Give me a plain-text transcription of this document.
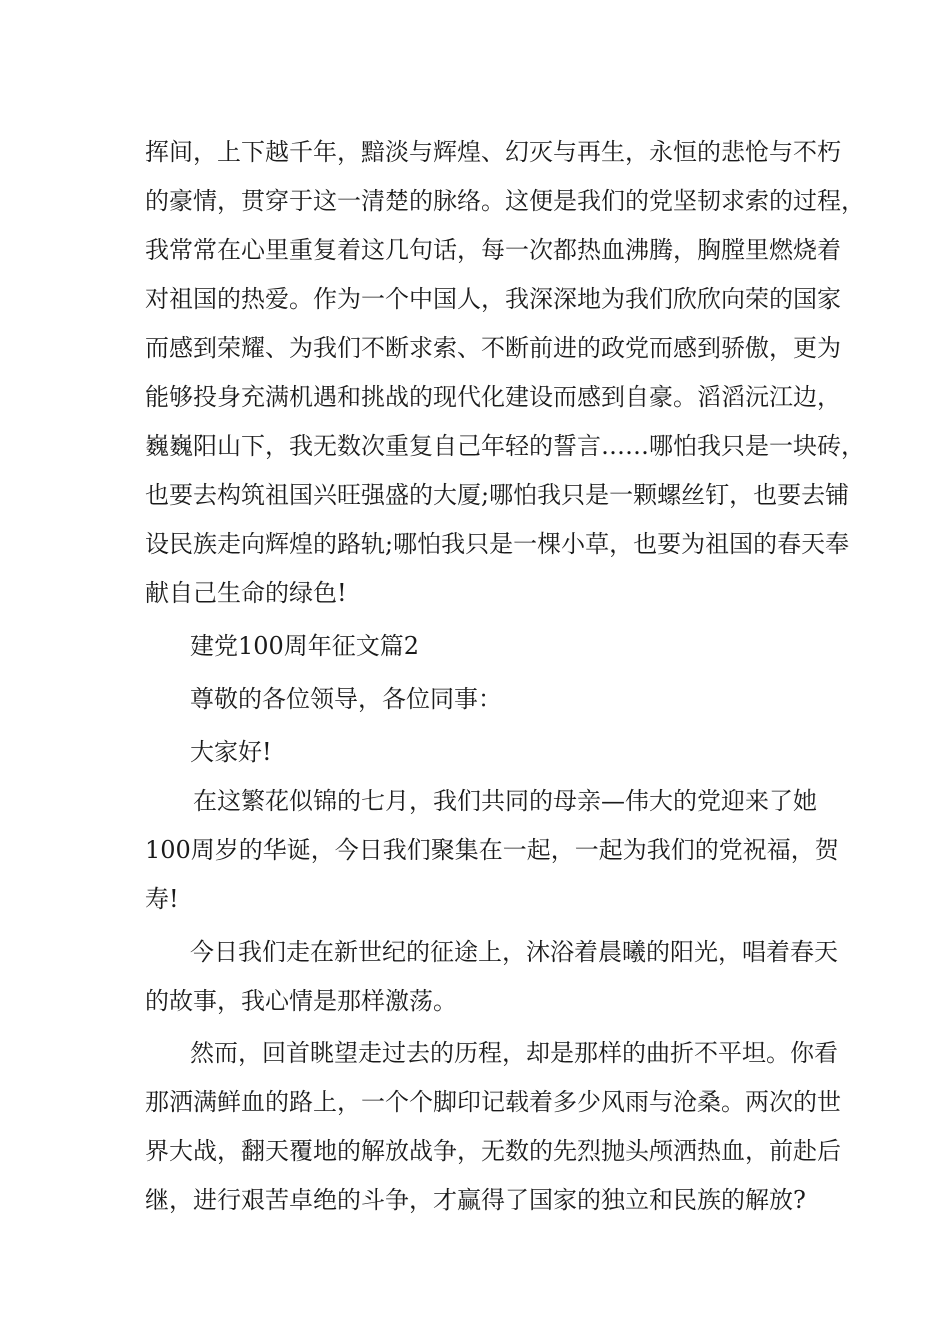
挥间，上下越千年，黯淡与辉煌、幻灭与再生，永恒的悲怆与不朽
的豪情，贯穿于这一清楚的脉络。这便是我们的党坚韧求索的过程，
我常常在心里重复着这几句话，每一次都热血沸腾，胸膛里燃烧着
对祖国的热爱。作为一个中国人，我深深地为我们欣欣向荣的国家
而感到荣耀、为我们不断求索、不断前进的政党而感到骄傲，更为
能够投身充满机遇和挑战的现代化建设而感到自豪。滔滔沅江边，
巍巍阳山下，我无数次重复自己年轻的誓言……哪怕我只是一块砖，
也要去构筑祖国兴旺强盛的大厦;哪怕我只是一颗螺丝钉，也要去铺
设民族走向辉煌的路轨;哪怕我只是一棵小草，也要为祖国的春天奉
献自己生命的绿色!
建党100周年征文篇2
尊敬的各位领导，各位同事：
大家好!
在这繁花似锦的七月，我们共同的母亲—伟大的党迎来了她
100周岁的华诞，今日我们聚集在一起，一起为我们的党祝福，贺
寿!
今日我们走在新世纪的征途上，沐浴着晨曦的阳光，唱着春天
的故事，我心情是那样激荡。
然而，回首眺望走过去的历程，却是那样的曲折不平坦。你看
那洒满鲜血的路上，一个个脚印记载着多少风雨与沧桑。两次的世
界大战，翻天覆地的解放战争，无数的先烈抛头颅洒热血，前赴后
继，进行艰苦卓绝的斗争，才赢得了国家的独立和民族的解放?
